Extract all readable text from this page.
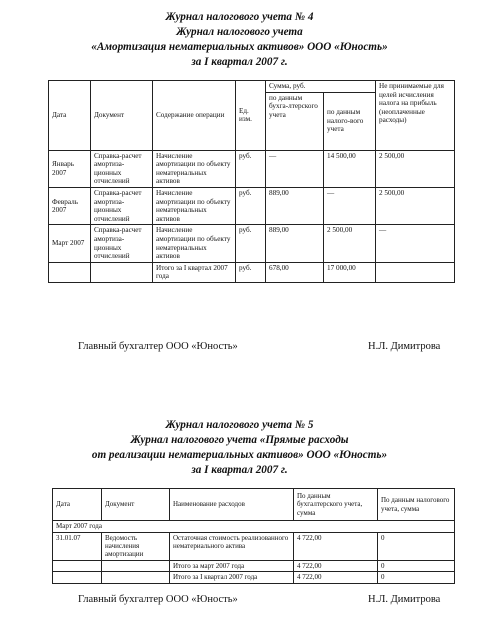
Журнал налогового учета № 4
Журнал налогового учета
«Амортизация нематериальных активов» ООО «Юность»
за I квартал 2007 г.
Дата	Документ	Содержание операции	Ед. изм.	Сумма, руб.		Не принимаемые для целей исчисления налога на прибыль (неоплаченные расходы)
				по данным бухга-лтерского учета	по данным налого-вого учета	
Январь 2007	Справка-расчет амортиза-ционных отчислений	Начисление амортизации по объекту нематериальных активов	руб.	—	14 500,00	2 500,00
Февраль 2007	Справка-расчет амортиза-ционных отчислений	Начисление амортизации по объекту нематериальных активов	руб.	889,00	—	2 500,00
Март 2007	Справка-расчет амортиза-ционных отчислений	Начисление амортизации по объекту нематериальных активов	руб.	889,00	2 500,00	—
		Итого за I квартал 2007 года	руб.	678,00	17 000,00	
Главный бухгалтер ООО «Юность»	Н.Л. Димитрова
Журнал налогового учета № 5
Журнал налогового учета «Прямые расходы
от реализации нематериальных активов» ООО «Юность»
за I квартал 2007 г.
Дата	Документ	Наименование расходов	По данным бухгалтерского учета, сумма	По данным налогового учета, сумма
Март 2007 года				
31.01.07	Ведомость начисления амортизации	Остаточная стоимость реализованного нематериального актива	4 722,00	0
		Итого за март 2007 года	4 722,00	0
		Итого за I квартал 2007 года	4 722,00	0
Главный бухгалтер ООО «Юность»	Н.Л. Димитрова
